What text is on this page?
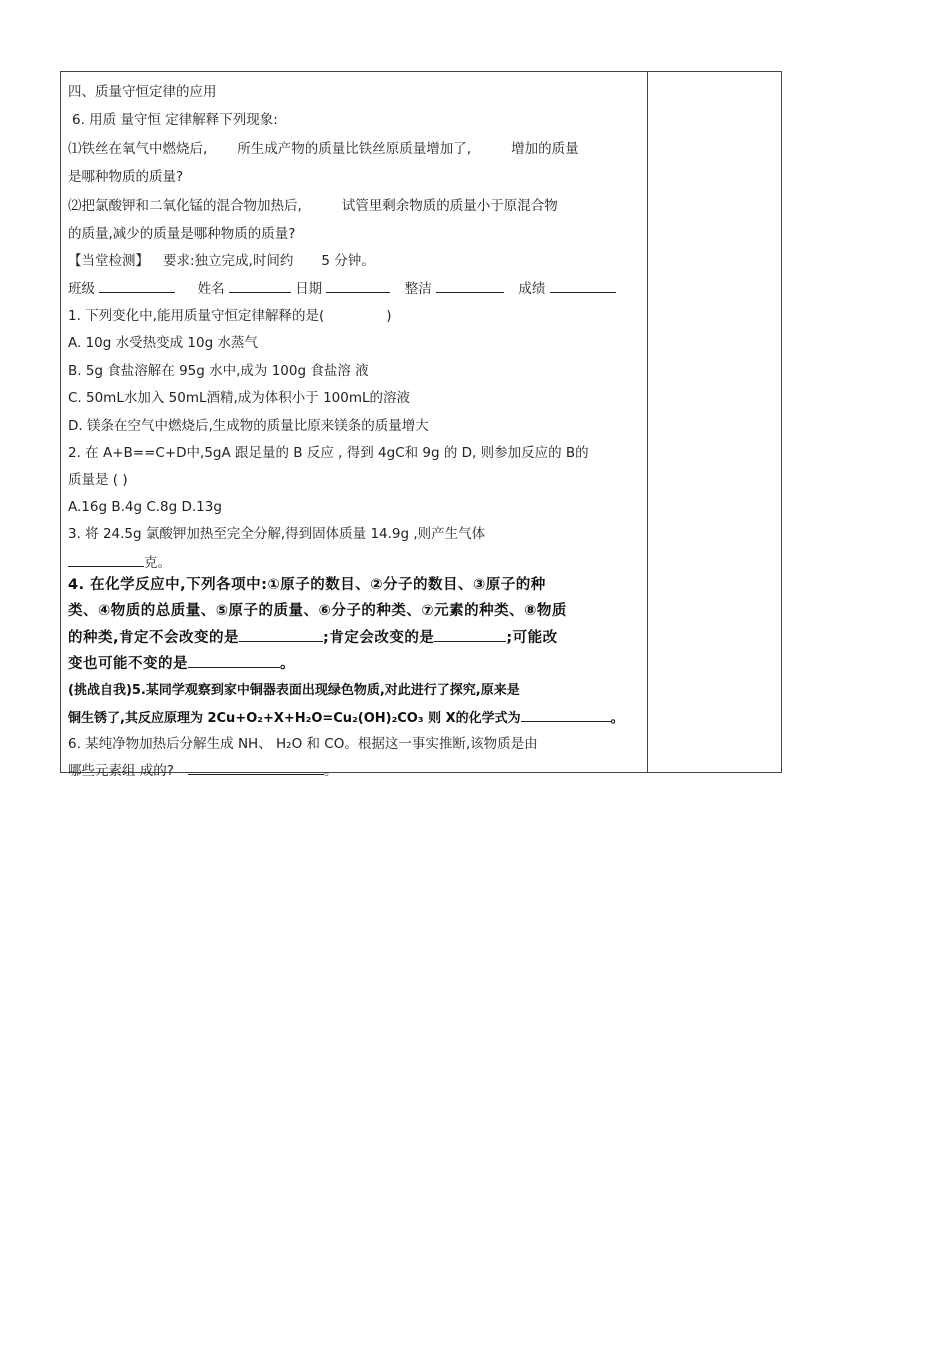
四、质量守恒定律的应用
6. 用质 量守恒 定律解释下列现象:
⑴铁丝在氧气中燃烧后, 所生成产物的质量比铁丝原质量增加了,	增加的质量
是哪种物质的质量?
⑵把氯酸钾和二氧化锰的混合物加热后,	试管里剩余物质的质量小于原混合物
的质量,减少的质量是哪种物质的质量?
【当堂检测】 要求:独立完成,时间约 5 分钟。
班级	姓名	日期	整洁	成绩
1. 下列变化中,能用质量守恒定律解释的是(	)
A. 10g 水受热变成 10g 水蒸气
B. 5g 食盐溶解在 95g 水中,成为 100g 食盐溶 液
C. 50mL水加入 50mL酒精,成为体积小于 100mL的溶液
D. 镁条在空气中燃烧后,生成物的质量比原来镁条的质量增大
2. 在 A+B==C+D中,5gA 跟足量的 B 反应 , 得到 4gC和 9g 的 D, 则参加反应的 B的
质量是 ( )
A.16g B.4g C.8g D.13g
3. 将 24.5g 氯酸钾加热至完全分解,得到固体质量 14.9g ,则产生气体
克。
4. 在化学反应中,下列各项中:①原子的数目、②分子的数目、③原子的种
类、④物质的总质量、⑤原子的质量、⑥分子的种类、⑦元素的种类、⑧物质
的种类,肯定不会改变的是	;肯定会改变的是	;可能改
变也可能不变的是	。
(挑战自我)5.某同学观察到家中铜器表面出现绿色物质,对此进行了探究,原来是
铜生锈了,其反应原理为 2Cu+O₂+X+H₂O=Cu₂(OH)₂CO₃ 则 X的化学式为	。
6. 某纯净物加热后分解生成 NH、 H₂O 和 CO。根据这一事实推断,该物质是由
哪些元素组 成的?	。
